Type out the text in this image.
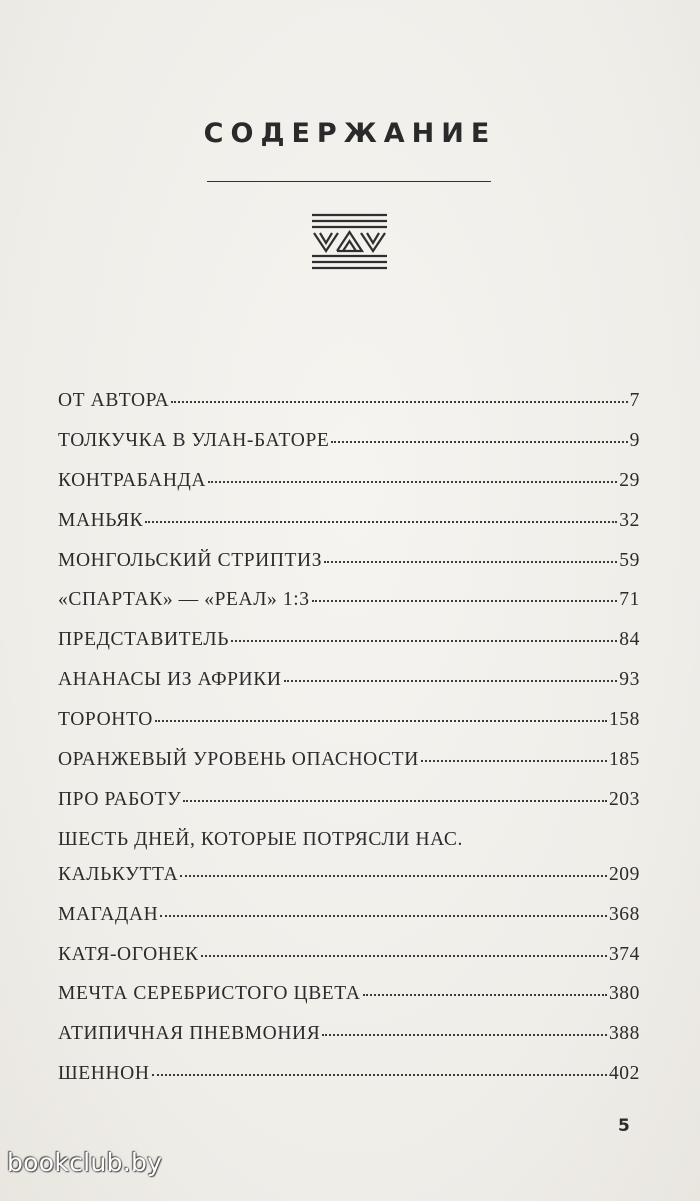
СОДЕРЖАНИЕ
ОТ АВТОРА	7
ТОЛКУЧКА В УЛАН-БАТОРЕ	9
КОНТРАБАНДА	29
МАНЬЯК	32
МОНГОЛЬСКИЙ СТРИПТИЗ	59
«СПАРТАК» — «РЕАЛ» 1:3	71
ПРЕДСТАВИТЕЛЬ	84
АНАНАСЫ ИЗ АФРИКИ	93
ТОРОНТО	158
ОРАНЖЕВЫЙ УРОВЕНЬ ОПАСНОСТИ	185
ПРО РАБОТУ	203
ШЕСТЬ ДНЕЙ, КОТОРЫЕ ПОТРЯСЛИ НАС.
КАЛЬКУТТА	209
МАГАДАН	368
КАТЯ-ОГОНЕК	374
МЕЧТА СЕРЕБРИСТОГО ЦВЕТА	380
АТИПИЧНАЯ ПНЕВМОНИЯ	388
ШЕННОН	402
5
bookclub.by
